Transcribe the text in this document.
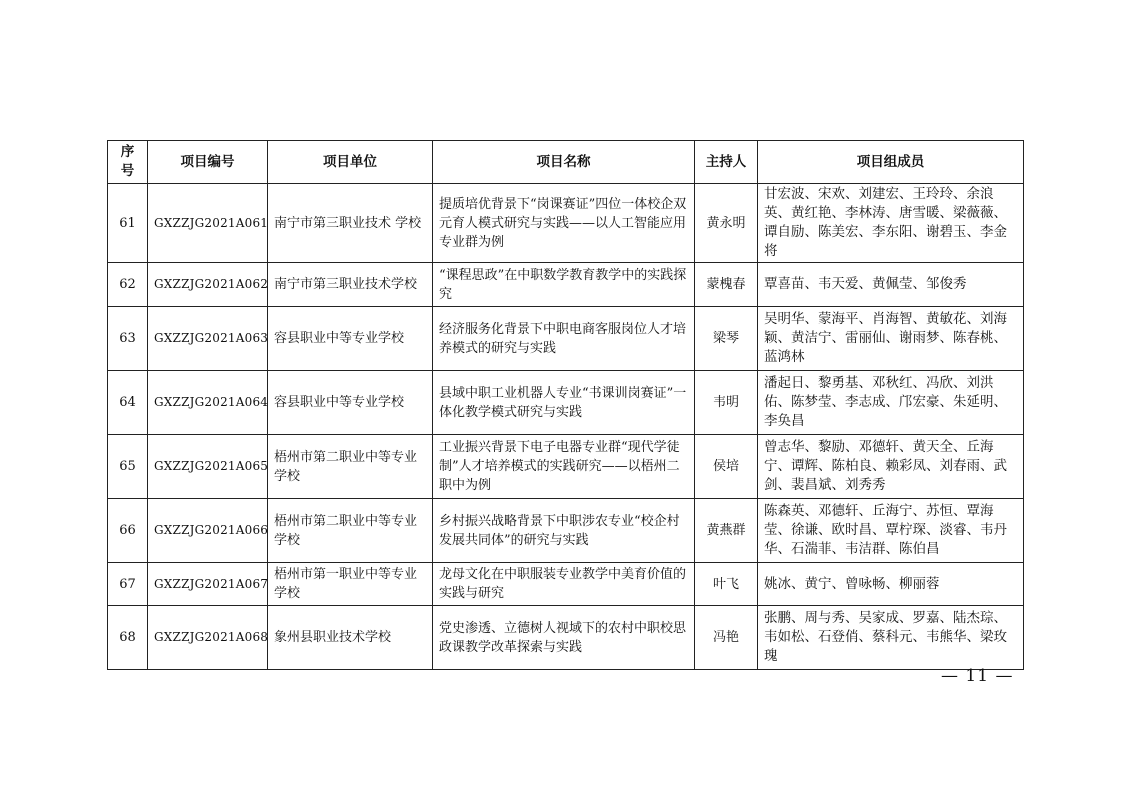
序号	项目编号	项目单位	项目名称	主持人	项目组成员
61	GXZZJG2021A061	南宁市第三职业技术 学校	提质培优背景下“岗课赛证”四位一体校企双元育人模式研究与实践——以人工智能应用专业群为例	黄永明	甘宏波、宋欢、刘建宏、王玲玲、余浪英、黄红艳、李林涛、唐雪暖、梁薇薇、谭自励、陈美宏、李东阳、谢碧玉、李金将
62	GXZZJG2021A062	南宁市第三职业技术学校	“课程思政”在中职数学教育教学中的实践探究	蒙槐春	覃喜苗、韦天爱、黄佩莹、邹俊秀
63	GXZZJG2021A063	容县职业中等专业学校	经济服务化背景下中职电商客服岗位人才培养模式的研究与实践	梁琴	吴明华、蒙海平、肖海智、黄敏花、刘海颖、黄洁宁、雷丽仙、谢雨梦、陈春桃、蓝鸿林
64	GXZZJG2021A064	容县职业中等专业学校	县域中职工业机器人专业“书课训岗赛证”一体化教学模式研究与实践	韦明	潘起日、黎勇基、邓秋红、冯欣、刘洪佑、陈梦莹、李志成、邝宏豪、朱延明、李奂昌
65	GXZZJG2021A065	梧州市第二职业中等专业学校	工业振兴背景下电子电器专业群“现代学徒制”人才培养模式的实践研究——以梧州二职中为例	侯培	曾志华、黎励、邓德轩、黄天全、丘海宁、谭辉、陈柏良、赖彩凤、刘春雨、武剑、裴昌斌、刘秀秀
66	GXZZJG2021A066	梧州市第二职业中等专业学校	乡村振兴战略背景下中职涉农专业“校企村发展共同体”的研究与实践	黄燕群	陈森英、邓德轩、丘海宁、苏恒、覃海莹、徐谦、欧时昌、覃柠琛、淡睿、韦丹华、石湍菲、韦洁群、陈伯昌
67	GXZZJG2021A067	梧州市第一职业中等专业学校	龙母文化在中职服装专业教学中美育价值的实践与研究	叶飞	姚冰、黄宁、曾咏畅、柳丽蓉
68	GXZZJG2021A068	象州县职业技术学校	党史渗透、立德树人视域下的农村中职校思政课教学改革探索与实践	冯艳	张鹏、周与秀、吴家成、罗嘉、陆杰琮、韦如松、石登俏、蔡科元、韦熊华、梁玫瑰
— 11 —
